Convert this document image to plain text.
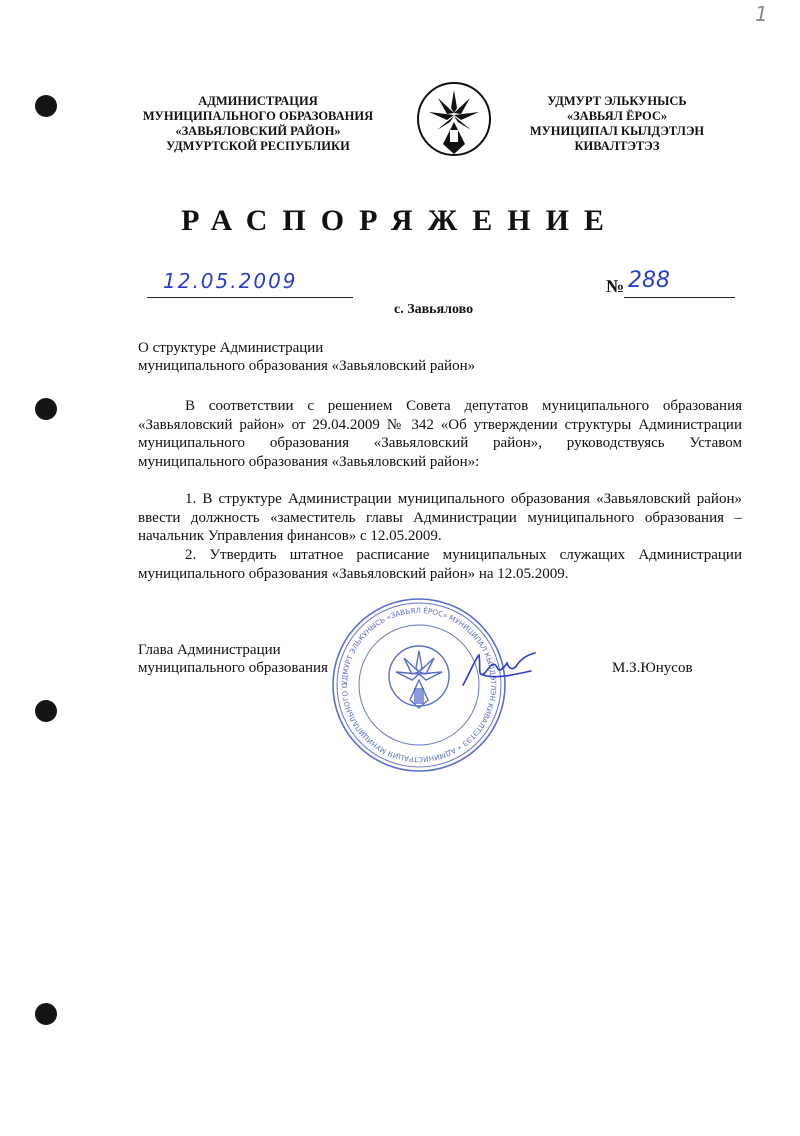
1
АДМИНИСТРАЦИЯ
МУНИЦИПАЛЬНОГО ОБРАЗОВАНИЯ
«ЗАВЬЯЛОВСКИЙ РАЙОН»
УДМУРТСКОЙ РЕСПУБЛИКИ
УДМУРТ ЭЛЬКУНЫСЬ
«ЗАВЬЯЛ ЁРОС»
МУНИЦИПАЛ КЫЛДЭТЛЭН
КИВАЛТЭТЭЗ
РАСПОРЯЖЕНИЕ
12.05.2009	№ 288
с. Завьялово
О структуре Администрации
муниципального образования «Завьяловский район»
В соответствии с решением Совета депутатов муниципального образования «Завьяловский район» от 29.04.2009 № 342 «Об утверждении структуры Администрации муниципального образования «Завьяловский район», руководствуясь Уставом муниципального образования «Завьяловский район»:
1. В структуре Администрации муниципального образования «Завьяловский район» ввести должность «заместитель главы Администрации муниципального образования – начальник Управления финансов» с 12.05.2009.
2. Утвердить штатное расписание муниципальных служащих Администрации муниципального образования «Завьяловский район» на 12.05.2009.
УДМУРТ ЭЛЬКУНЫСЬ «ЗАВЬЯЛ ЁРОС» МУНИЦИПАЛ КЫЛДЭТЛЭН КИВАЛТЭТЭЗ • АДМИНИСТРАЦИЯ МУНИЦИПАЛЬНОГО О
Глава Администрации
муниципального образования	М.З.Юнусов
